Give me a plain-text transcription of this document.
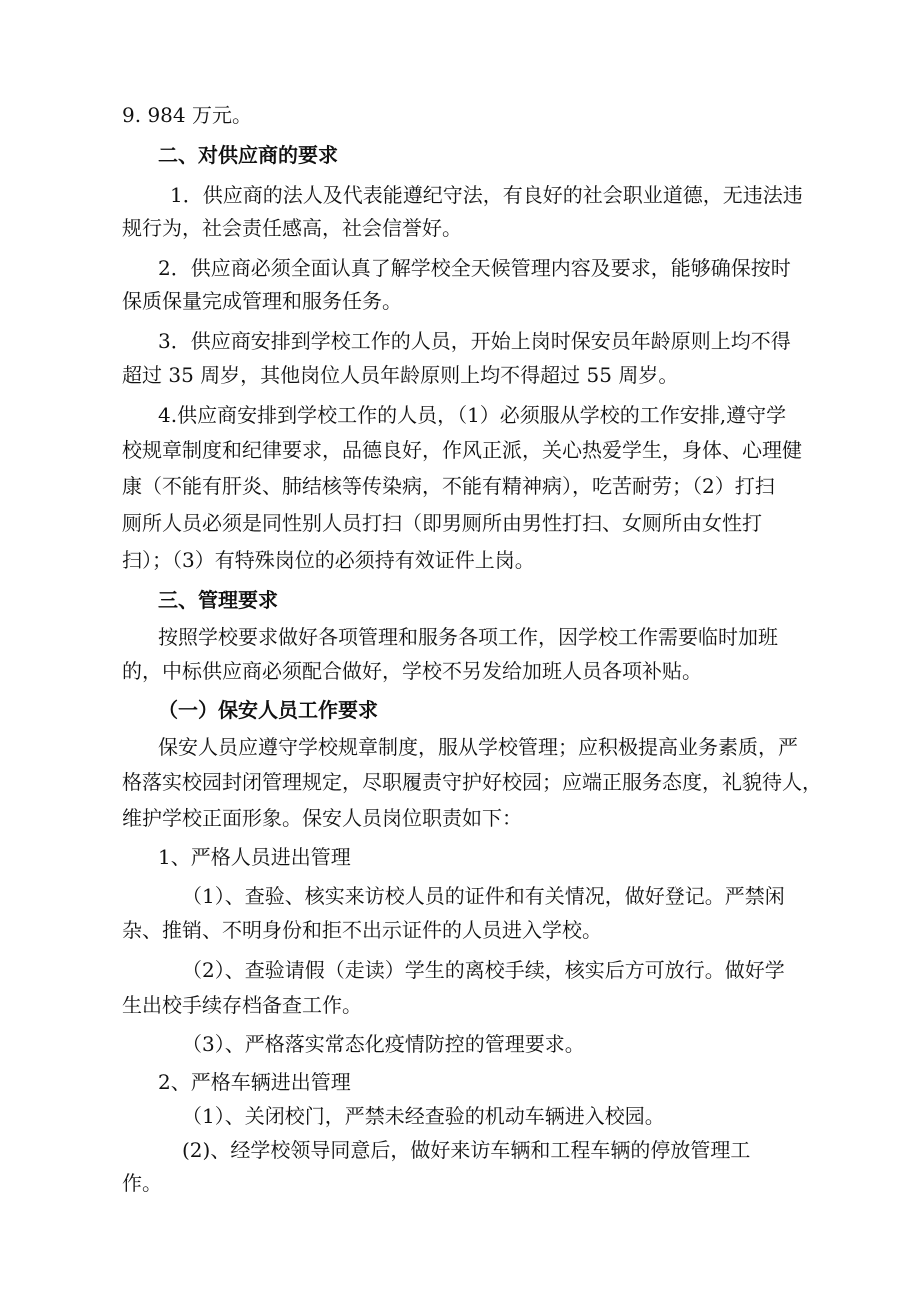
9. 984 万元。
二、对供应商的要求
1．供应商的法人及代表能遵纪守法，有良好的社会职业道德，无违法违
规行为，社会责任感高，社会信誉好。
2．供应商必须全面认真了解学校全天候管理内容及要求，能够确保按时
保质保量完成管理和服务任务。
3．供应商安排到学校工作的人员，开始上岗时保安员年龄原则上均不得
超过 35 周岁，其他岗位人员年龄原则上均不得超过 55 周岁。
4.供应商安排到学校工作的人员，（1）必须服从学校的工作安排,遵守学
校规章制度和纪律要求，品德良好，作风正派，关心热爱学生，身体、心理健
康（不能有肝炎、肺结核等传染病，不能有精神病），吃苦耐劳；（2）打扫
厕所人员必须是同性别人员打扫（即男厕所由男性打扫、女厕所由女性打
扫）；（3）有特殊岗位的必须持有效证件上岗。
三、管理要求
按照学校要求做好各项管理和服务各项工作，因学校工作需要临时加班
的，中标供应商必须配合做好，学校不另发给加班人员各项补贴。
（一）保安人员工作要求
保安人员应遵守学校规章制度，服从学校管理；应积极提高业务素质，严
格落实校园封闭管理规定，尽职履责守护好校园；应端正服务态度，礼貌待人，
维护学校正面形象。保安人员岗位职责如下：
1、严格人员进出管理
（1）、查验、核实来访校人员的证件和有关情况，做好登记。严禁闲
杂、推销、不明身份和拒不出示证件的人员进入学校。
（2）、查验请假（走读）学生的离校手续，核实后方可放行。做好学
生出校手续存档备查工作。
（3）、严格落实常态化疫情防控的管理要求。
2、严格车辆进出管理
（1）、关闭校门，严禁未经查验的机动车辆进入校园。
(2)、经学校领导同意后，做好来访车辆和工程车辆的停放管理工
作。
